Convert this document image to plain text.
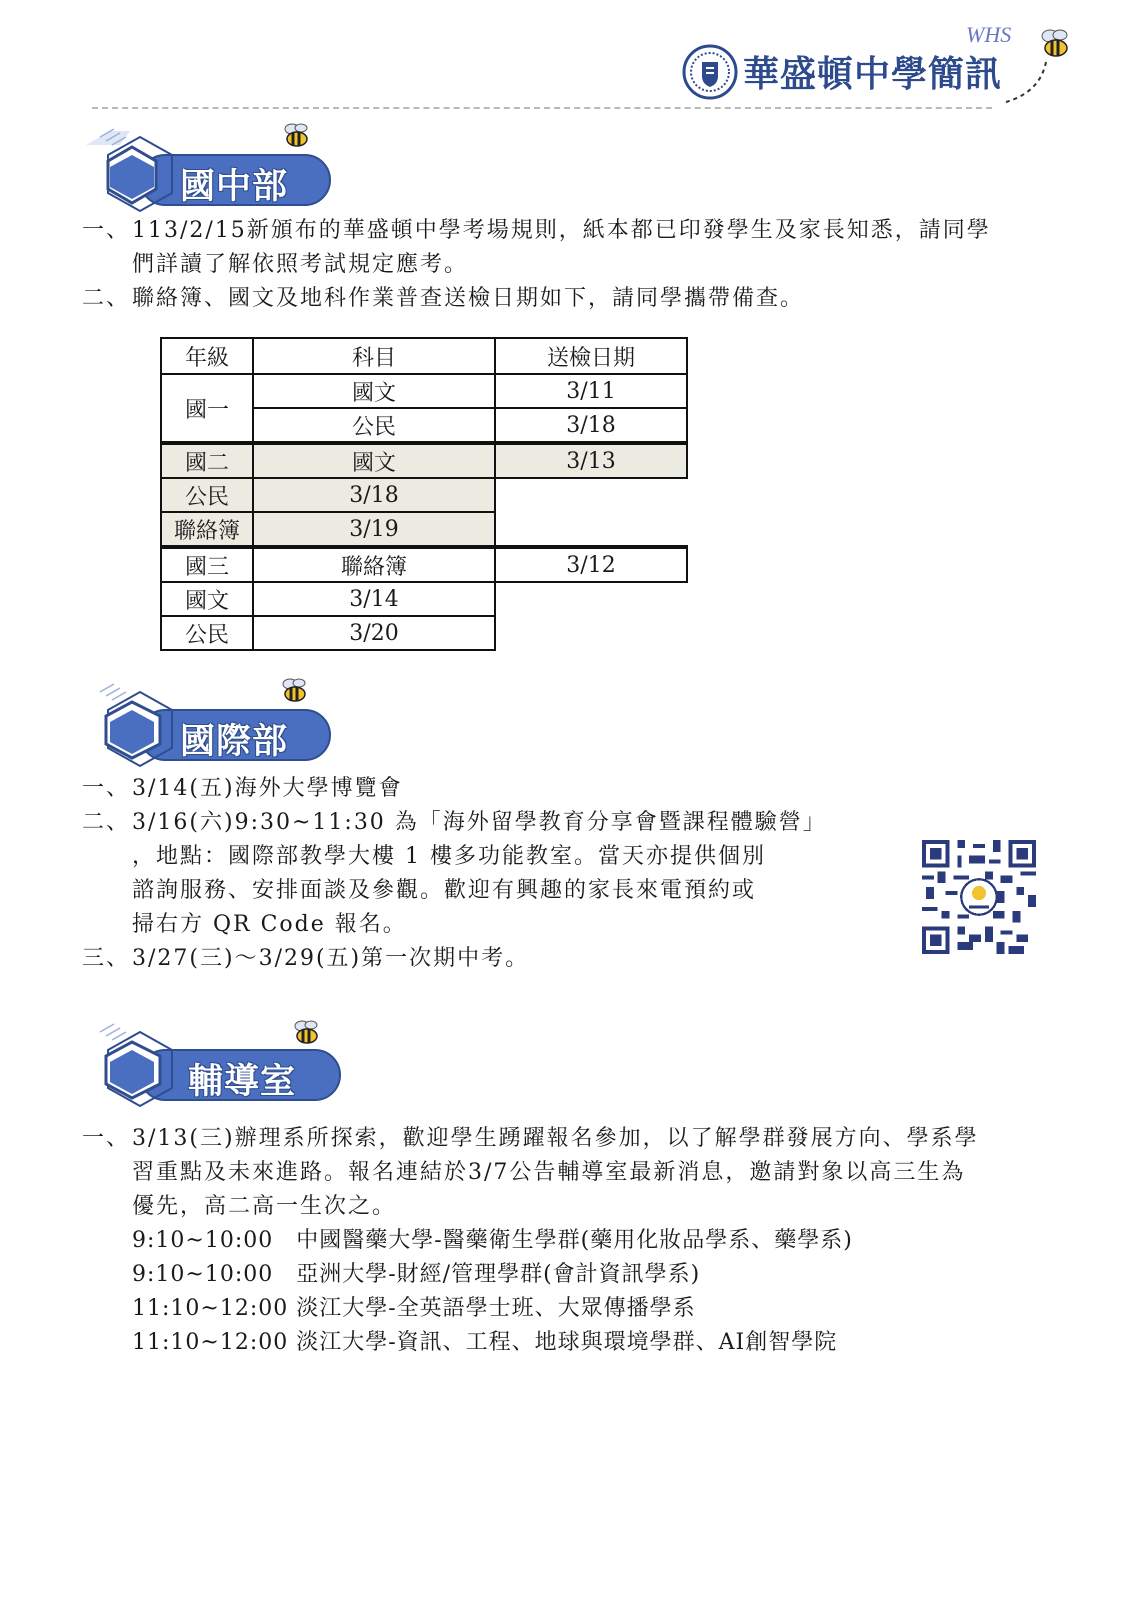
華盛頓中學簡訊
WHS
國中部
一、113/2/15新頒布的華盛頓中學考場規則，紙本都已印發學生及家長知悉，請同學
們詳讀了解依照考試規定應考。
二、聯絡簿、國文及地科作業普查送檢日期如下，請同學攜帶備查。
年級	科目	送檢日期
國一	國文	3/11
	公民	3/18
國二	國文	3/13
公民	3/18	
聯絡簿	3/19	
國三	聯絡簿	3/12
國文	3/14	
公民	3/20	
國際部
一、3/14(五)海外大學博覽會
二、3/16(六)9:30~11:30 為「海外留學教育分享會暨課程體驗營」
，地點：國際部教學大樓 1 樓多功能教室。當天亦提供個別
諮詢服務、安排面談及參觀。歡迎有興趣的家長來電預約或
掃右方 QR Code 報名。
三、3/27(三)～3/29(五)第一次期中考。
輔導室
一、3/13(三)辦理系所探索，歡迎學生踴躍報名參加，以了解學群發展方向、學系學
習重點及未來進路。報名連結於3/7公告輔導室最新消息，邀請對象以高三生為
優先，高二高一生次之。
9:10~10:00　中國醫藥大學-醫藥衛生學群(藥用化妝品學系、藥學系)
9:10~10:00　亞洲大學-財經/管理學群(會計資訊學系)
11:10~12:00 淡江大學-全英語學士班、大眾傳播學系
11:10~12:00 淡江大學-資訊、工程、地球與環境學群、AI創智學院
